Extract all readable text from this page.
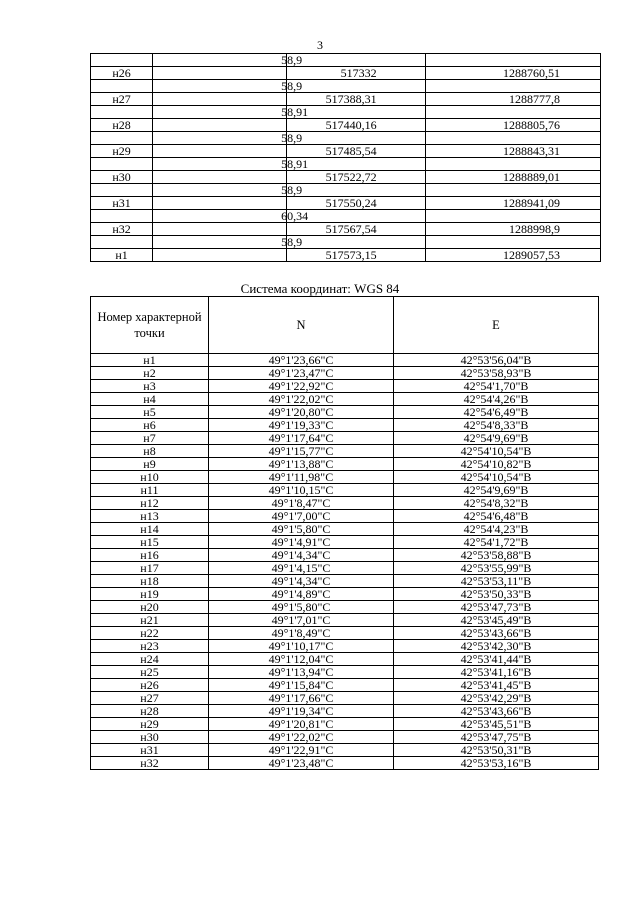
3
	58,9		
н26		517332	1288760,51
	58,9		
н27		517388,31	1288777,8
	58,91		
н28		517440,16	1288805,76
	58,9		
н29		517485,54	1288843,31
	58,91		
н30		517522,72	1288889,01
	58,9		
н31		517550,24	1288941,09
	60,34		
н32		517567,54	1288998,9
	58,9		
н1		517573,15	1289057,53
Система координат: WGS 84
Номер характерной точки	N	E
н1	49°1'23,66"С	42°53'56,04"В
н2	49°1'23,47"С	42°53'58,93"В
н3	49°1'22,92"С	42°54'1,70"В
н4	49°1'22,02"С	42°54'4,26"В
н5	49°1'20,80"С	42°54'6,49"В
н6	49°1'19,33"С	42°54'8,33"В
н7	49°1'17,64"С	42°54'9,69"В
н8	49°1'15,77"С	42°54'10,54"В
н9	49°1'13,88"С	42°54'10,82"В
н10	49°1'11,98"С	42°54'10,54"В
н11	49°1'10,15"С	42°54'9,69"В
н12	49°1'8,47"С	42°54'8,32"В
н13	49°1'7,00"С	42°54'6,48"В
н14	49°1'5,80"С	42°54'4,23"В
н15	49°1'4,91"С	42°54'1,72"В
н16	49°1'4,34"С	42°53'58,88"В
н17	49°1'4,15"С	42°53'55,99"В
н18	49°1'4,34"С	42°53'53,11"В
н19	49°1'4,89"С	42°53'50,33"В
н20	49°1'5,80"С	42°53'47,73"В
н21	49°1'7,01"С	42°53'45,49"В
н22	49°1'8,49"С	42°53'43,66"В
н23	49°1'10,17"С	42°53'42,30"В
н24	49°1'12,04"С	42°53'41,44"В
н25	49°1'13,94"С	42°53'41,16"В
н26	49°1'15,84"С	42°53'41,45"В
н27	49°1'17,66"С	42°53'42,29"В
н28	49°1'19,34"С	42°53'43,66"В
н29	49°1'20,81"С	42°53'45,51"В
н30	49°1'22,02"С	42°53'47,75"В
н31	49°1'22,91"С	42°53'50,31"В
н32	49°1'23,48"С	42°53'53,16"В
